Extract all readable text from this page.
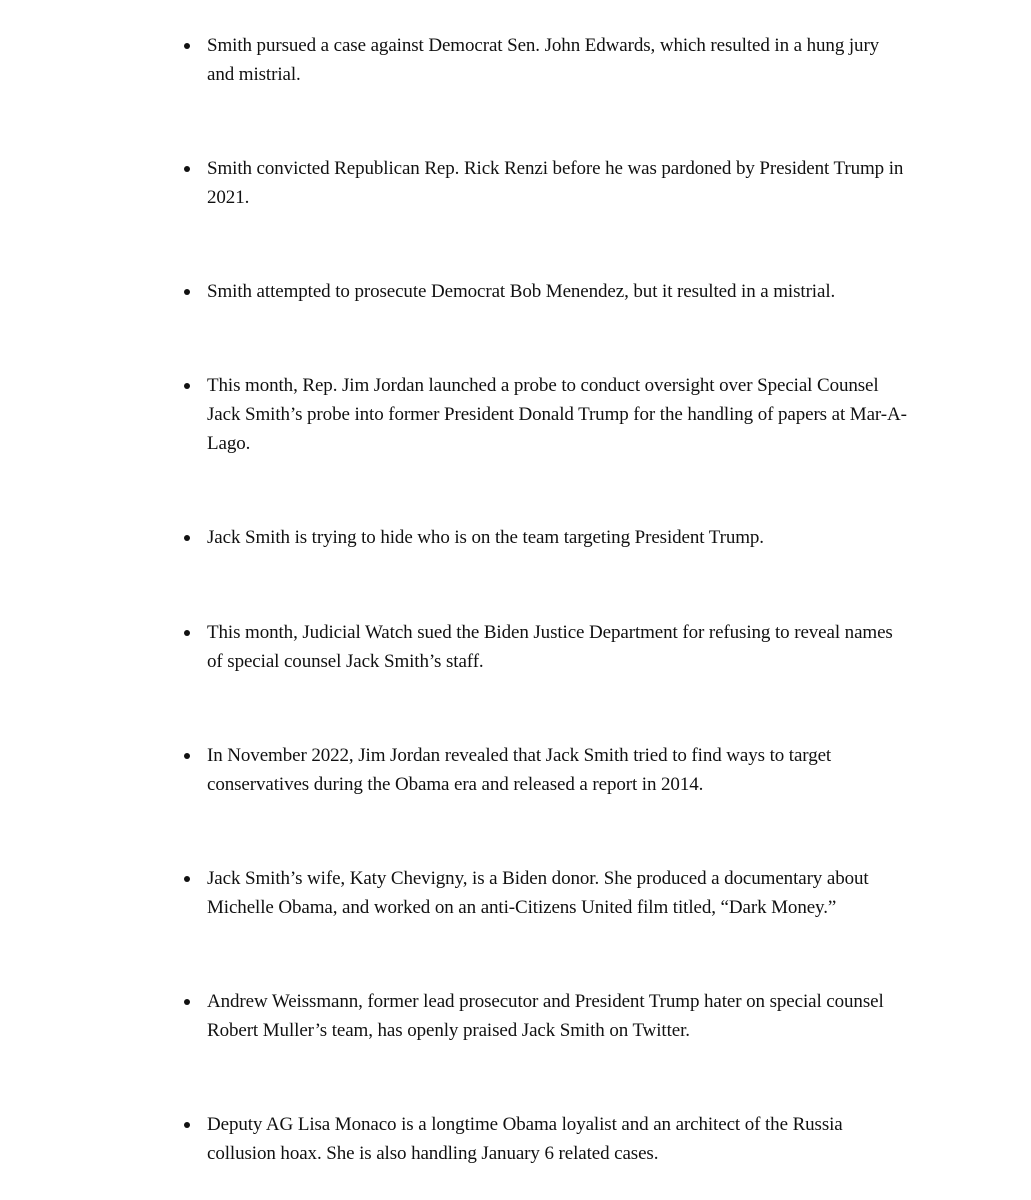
Smith pursued a case against Democrat Sen. John Edwards, which resulted in a hung jury and mistrial.

Smith convicted Republican Rep. Rick Renzi before he was pardoned by President Trump in 2021.

Smith attempted to prosecute Democrat Bob Menendez, but it resulted in a mistrial.

This month, Rep. Jim Jordan launched a probe to conduct oversight over Special Counsel Jack Smith’s probe into former President Donald Trump for the handling of papers at Mar-A-Lago.

Jack Smith is trying to hide who is on the team targeting President Trump.

This month, Judicial Watch sued the Biden Justice Department for refusing to reveal names of special counsel Jack Smith’s staff.

In November 2022, Jim Jordan revealed that Jack Smith tried to find ways to target conservatives during the Obama era and released a report in 2014.

Jack Smith’s wife, Katy Chevigny, is a Biden donor. She produced a documentary about Michelle Obama, and worked on an anti-Citizens United film titled, “Dark Money.”

Andrew Weissmann, former lead prosecutor and President Trump hater on special counsel Robert Muller’s team, has openly praised Jack Smith on Twitter.

Deputy AG Lisa Monaco is a longtime Obama loyalist and an architect of the Russia collusion hoax. She is also handling January 6 related cases.
